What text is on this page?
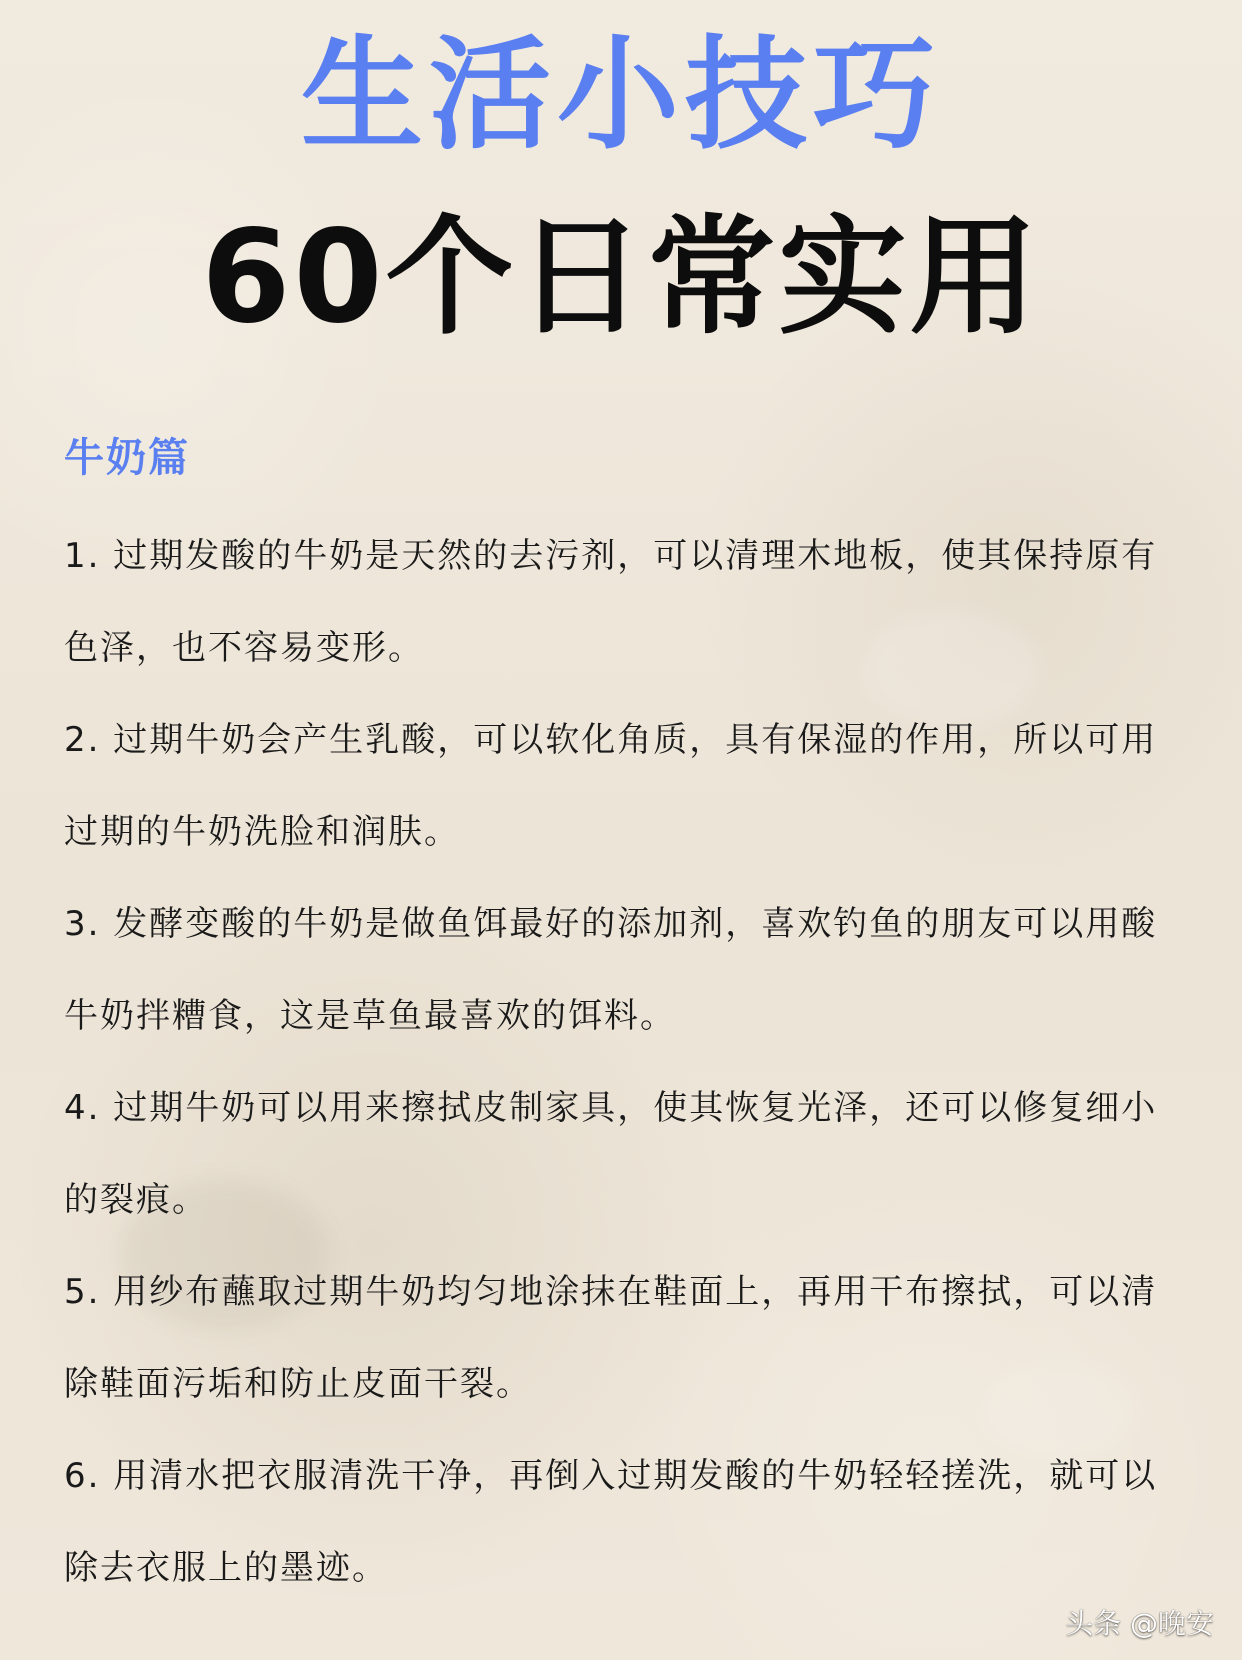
生活小技巧
60个日常实用
牛奶篇

1. 过期发酸的牛奶是天然的去污剂，可以清理木地板，使其保持原有色泽，也不容易变形。

2. 过期牛奶会产生乳酸，可以软化角质，具有保湿的作用，所以可用过期的牛奶洗脸和润肤。

3. 发酵变酸的牛奶是做鱼饵最好的添加剂，喜欢钓鱼的朋友可以用酸牛奶拌糟食，这是草鱼最喜欢的饵料。

4. 过期牛奶可以用来擦拭皮制家具，使其恢复光泽，还可以修复细小的裂痕。

5. 用纱布蘸取过期牛奶均匀地涂抹在鞋面上，再用干布擦拭，可以清除鞋面污垢和防止皮面干裂。

6. 用清水把衣服清洗干净，再倒入过期发酸的牛奶轻轻搓洗，就可以除去衣服上的墨迹。

头条 @晚安
